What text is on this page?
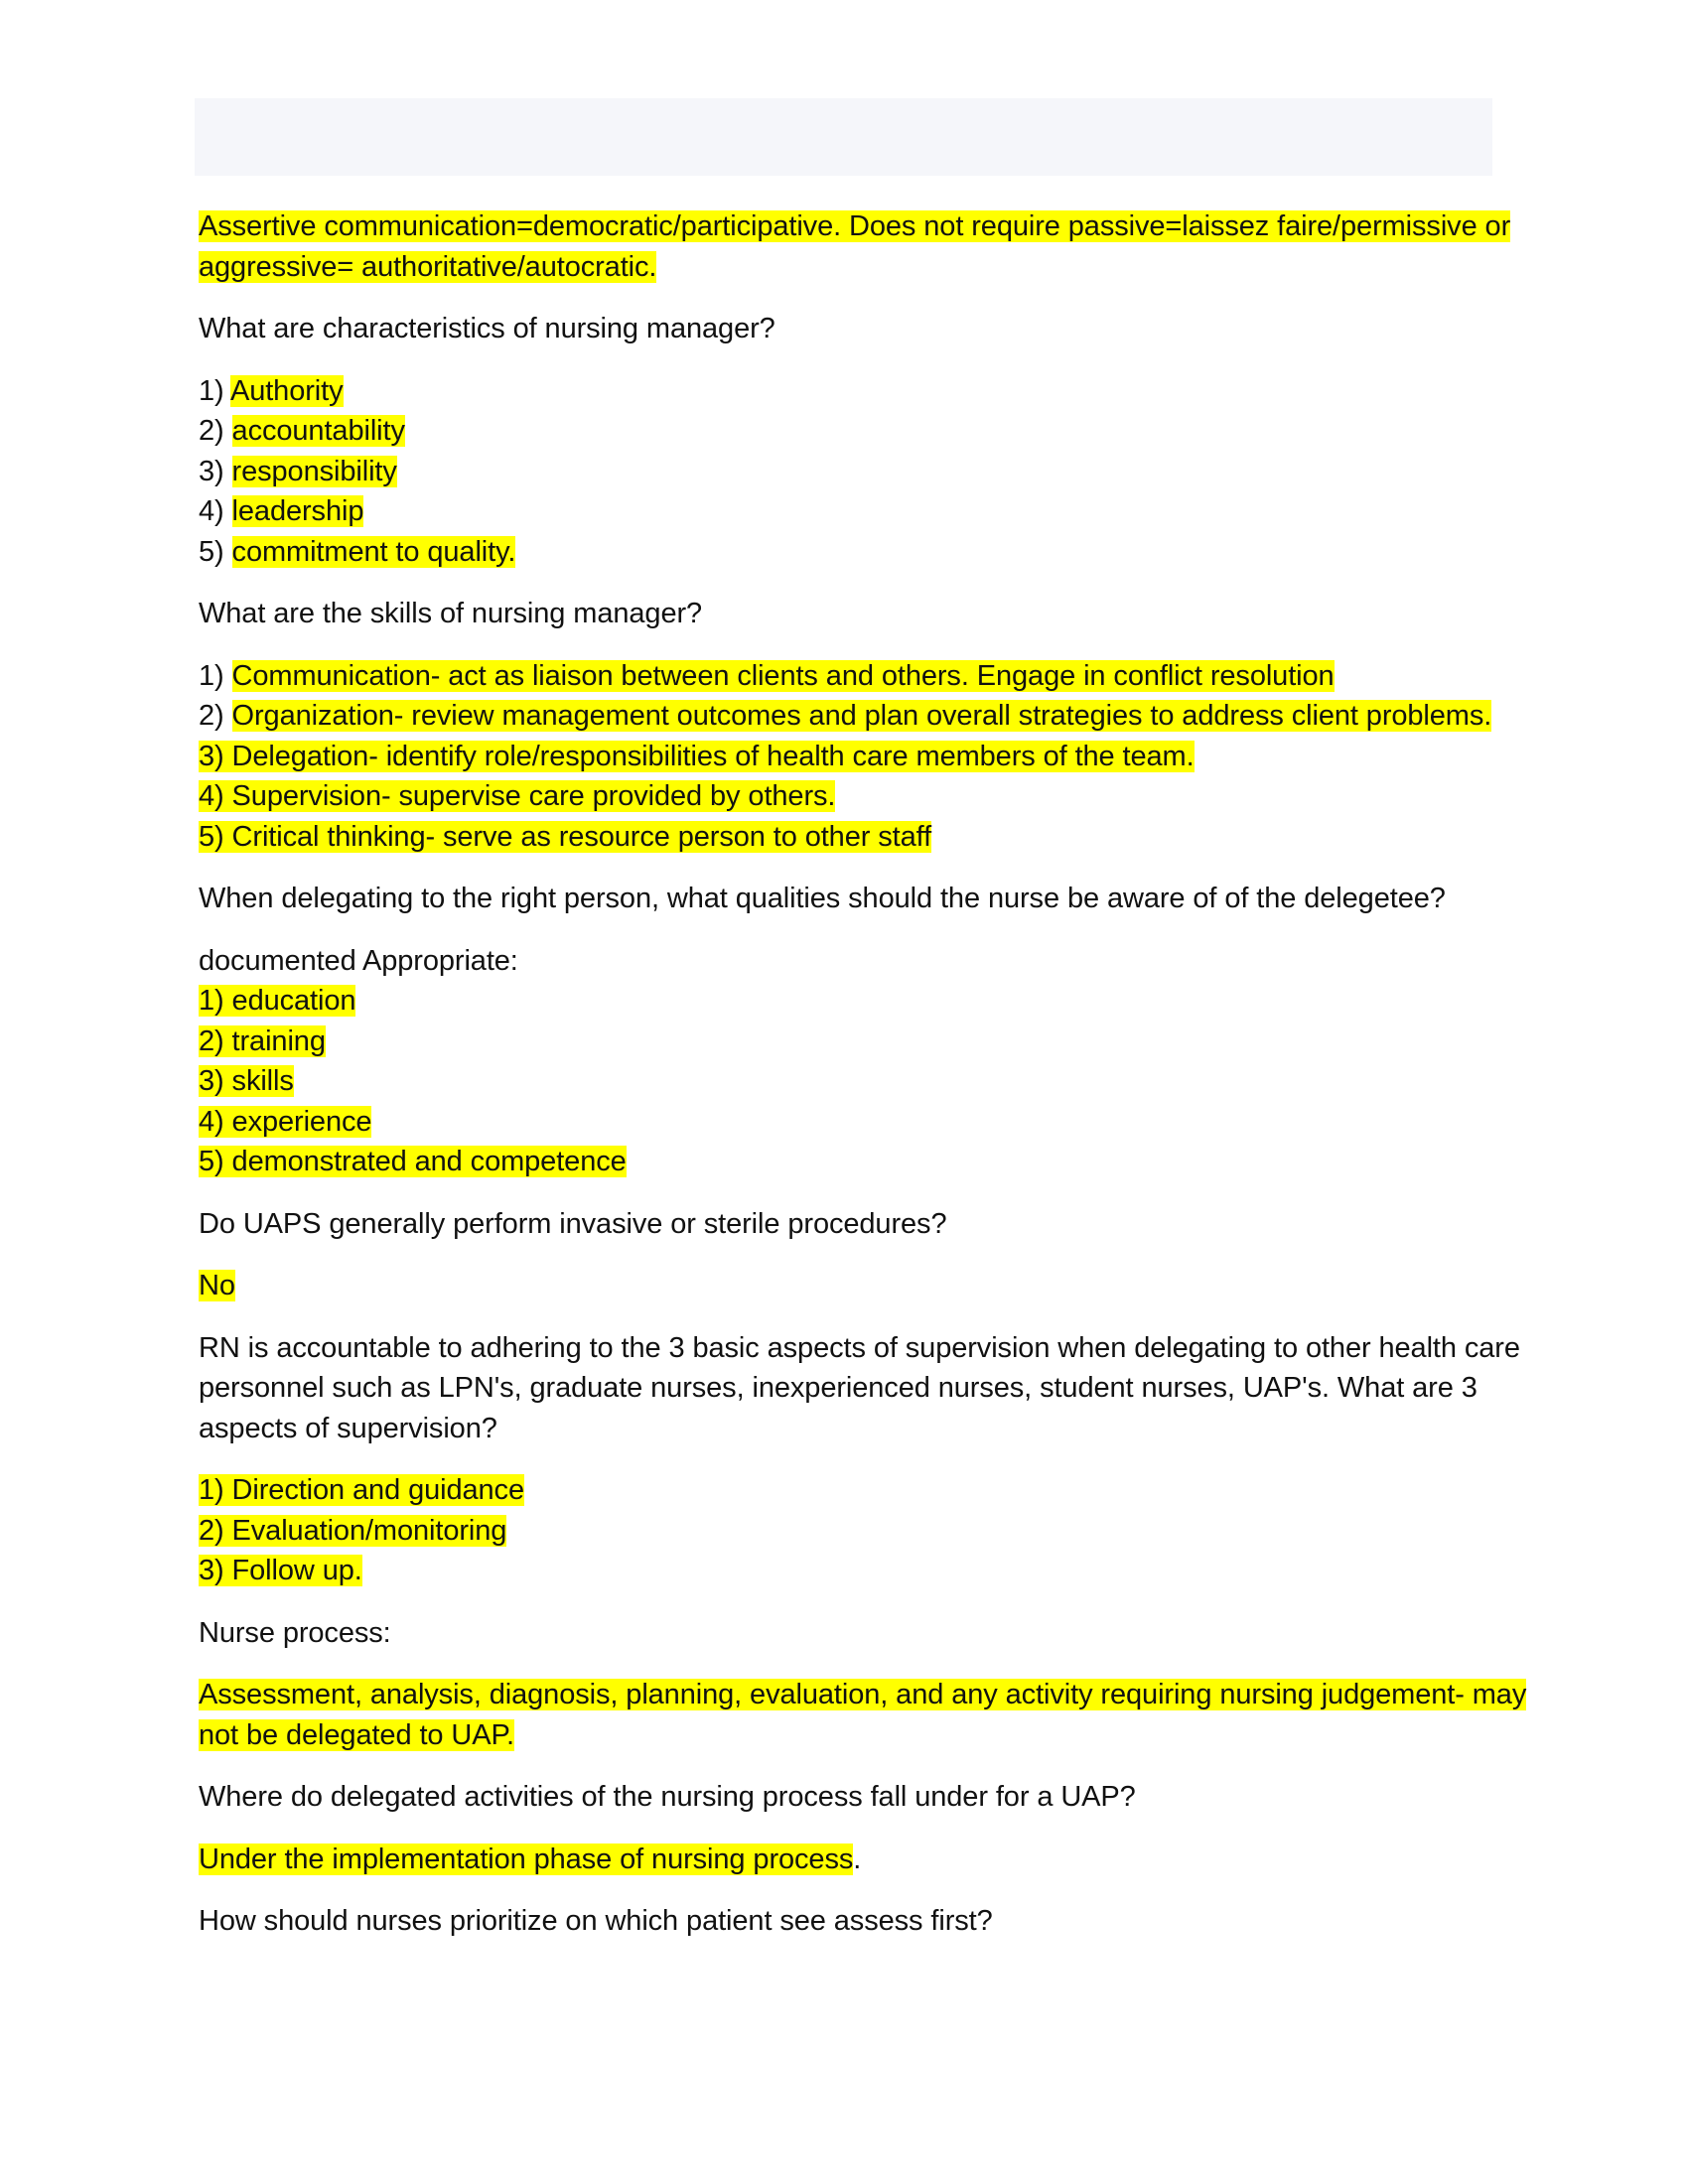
Assertive communication=democratic/participative. Does not require passive=laissez faire/permissive or
aggressive= authoritative/autocratic.
What are characteristics of nursing manager?
1) Authority
2) accountability
3) responsibility
4) leadership
5) commitment to quality.
What are the skills of nursing manager?
1) Communication- act as liaison between clients and others. Engage in conflict resolution
2) Organization- review management outcomes and plan overall strategies to address client problems.
3) Delegation- identify role/responsibilities of health care members of the team.
4) Supervision- supervise care provided by others.
5) Critical thinking- serve as resource person to other staff
When delegating to the right person, what qualities should the nurse be aware of of the delegetee?
documented Appropriate:
1) education
2) training
3) skills
4) experience
5) demonstrated and competence
Do UAPS generally perform invasive or sterile procedures?
No
RN is accountable to adhering to the 3 basic aspects of supervision when delegating to other health care
personnel such as LPN's, graduate nurses, inexperienced nurses, student nurses, UAP's. What are 3
aspects of supervision?
1) Direction and guidance
2) Evaluation/monitoring
3) Follow up.
Nurse process:
Assessment, analysis, diagnosis, planning, evaluation, and any activity requiring nursing judgement- may
not be delegated to UAP.
Where do delegated activities of the nursing process fall under for a UAP?
Under the implementation phase of nursing process.
How should nurses prioritize on which patient see assess first?
